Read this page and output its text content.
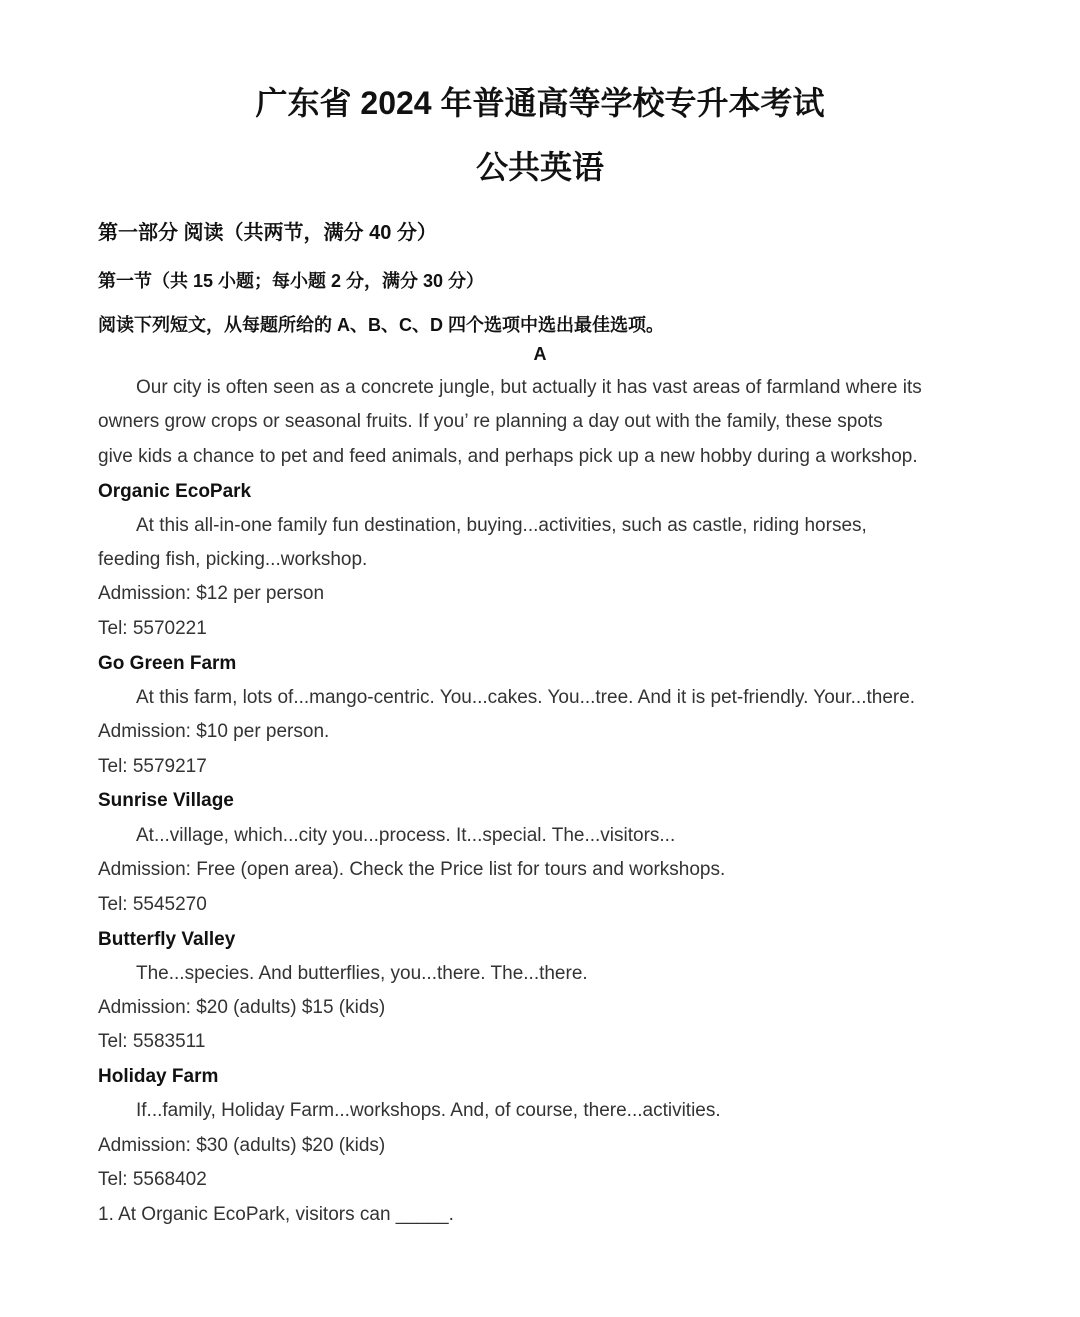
广东省 2024 年普通高等学校专升本考试
公共英语
第一部分 阅读（共两节，满分 40 分）
第一节（共 15 小题；每小题 2 分，满分 30 分）
阅读下列短文，从每题所给的 A、B、C、D 四个选项中选出最佳选项。
A
Our city is often seen as a concrete jungle, but actually it has vast areas of farmland where its
owners grow crops or seasonal fruits. If you’ re planning a day out with the family, these spots
give kids a chance to pet and feed animals, and perhaps pick up a new hobby during a workshop.
Organic EcoPark
At this all-in-one family fun destination, buying...activities, such as castle, riding horses,
feeding fish, picking...workshop.
Admission: $12 per person
Tel: 5570221
Go Green Farm
At this farm, lots of...mango-centric. You...cakes. You...tree. And it is pet-friendly. Your...there.
Admission: $10 per person.
Tel: 5579217
Sunrise Village
At...village, which...city you...process. It...special. The...visitors...
Admission: Free (open area). Check the Price list for tours and workshops.
Tel: 5545270
Butterfly Valley
The...species. And butterflies, you...there. The...there.
Admission: $20 (adults) $15 (kids)
Tel: 5583511
Holiday Farm
If...family, Holiday Farm...workshops. And, of course, there...activities.
Admission: $30 (adults) $20 (kids)
Tel: 5568402
1. At Organic EcoPark, visitors can _____.
